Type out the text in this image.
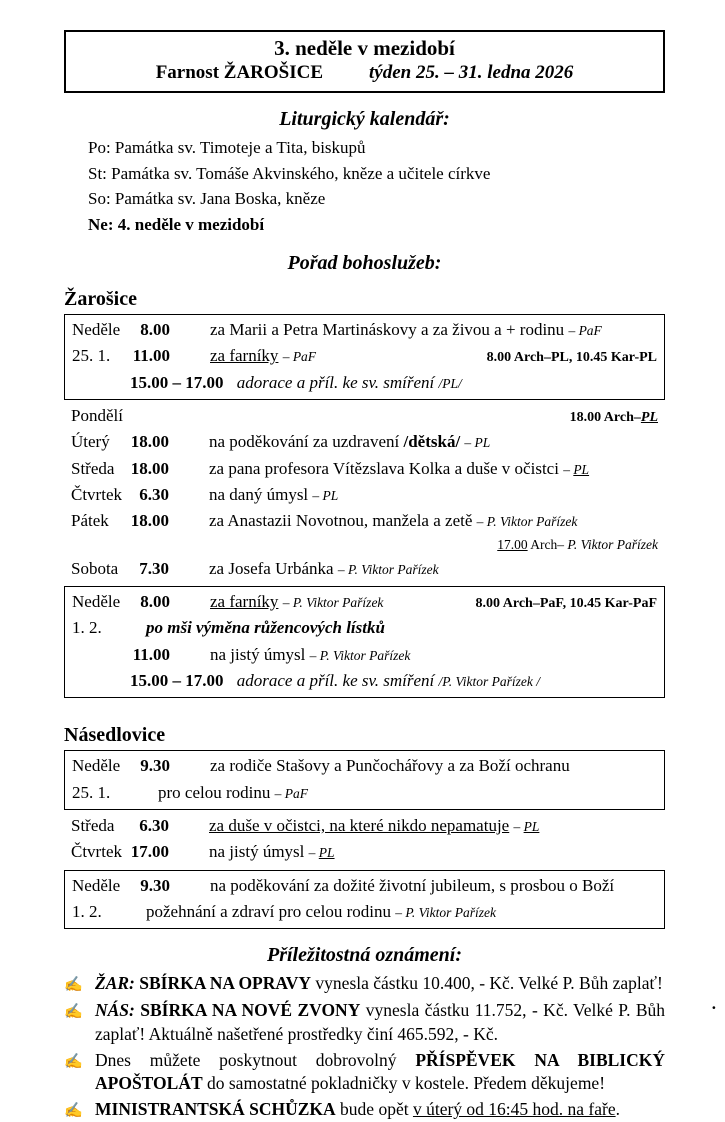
3. neděle v mezidobí
Farnost ŽAROŠICE týden 25. – 31. ledna 2026
Liturgický kalendář:
Po: Památka sv. Timoteje a Tita, biskupů
St: Památka sv. Tomáše Akvinského, kněze a učitele církve
So: Památka sv. Jana Boska, kněze
Ne: 4. neděle v mezidobí
Pořad bohoslužeb:
Žarošice
Neděle	8.00 za Marii a Petra Martináskovy a za živou a + rodinu – PaF
25. 1.	11.00 za farníky – PaF	8.00 Arch–PL, 10.45 Kar-PL
15.00 – 17.00 adorace a příl. ke sv. smíření /PL/
Pondělí	18.00 Arch–PL
Úterý	18.00 na poděkování za uzdravení /dětská/ – PL
Středa 18.00 za pana profesora Vítězslava Kolka a duše v očistci – PL
Čtvrtek	6.30 na daný úmysl – PL
Pátek	18.00 za Anastazii Novotnou, manžela a zetě – P. Viktor Pařízek
17.00 Arch– P. Viktor Pařízek
Sobota	7.30 za Josefa Urbánka – P. Viktor Pařízek
Neděle	8.00 za farníky – P. Viktor Pařízek	8.00 Arch–PaF, 10.45 Kar-PaF
1. 2.	po mši výměna růžencových lístků
11.00 na jistý úmysl – P. Viktor Pařízek
15.00 – 17.00 adorace a příl. ke sv. smíření /P. Viktor Pařízek /
Násedlovice
Neděle	9.30 za rodiče Stašovy a Punčochářovy a za Boží ochranu
25. 1.	pro celou rodinu – PaF
Středa	6.30 za duše v očistci, na které nikdo nepamatuje – PL
Čtvrtek 17.00 na jistý úmysl – PL
Neděle	9.30 na poděkování za dožité životní jubileum, s prosbou o Boží
1. 2.	požehnání a zdraví pro celou rodinu – P. Viktor Pařízek
Příležitostná oznámení:
✍ ŽAR: SBÍRKA NA OPRAVY vynesla částku 10.400, - Kč. Velké P. Bůh zaplať!
✍ NÁS: SBÍRKA NA NOVÉ ZVONY vynesla částku 11.752, - Kč. Velké P. Bůh zaplať! Aktuálně našetřené prostředky činí 465.592, - Kč.
✍ Dnes můžete poskytnout dobrovolný PŘÍSPĚVEK NA BIBLICKÝ APOŠTOLÁT do samostatné pokladničky v kostele. Předem děkujeme!
✍ MINISTRANTSKÁ SCHŮZKA bude opět v úterý od 16:45 hod. na faře.
.
